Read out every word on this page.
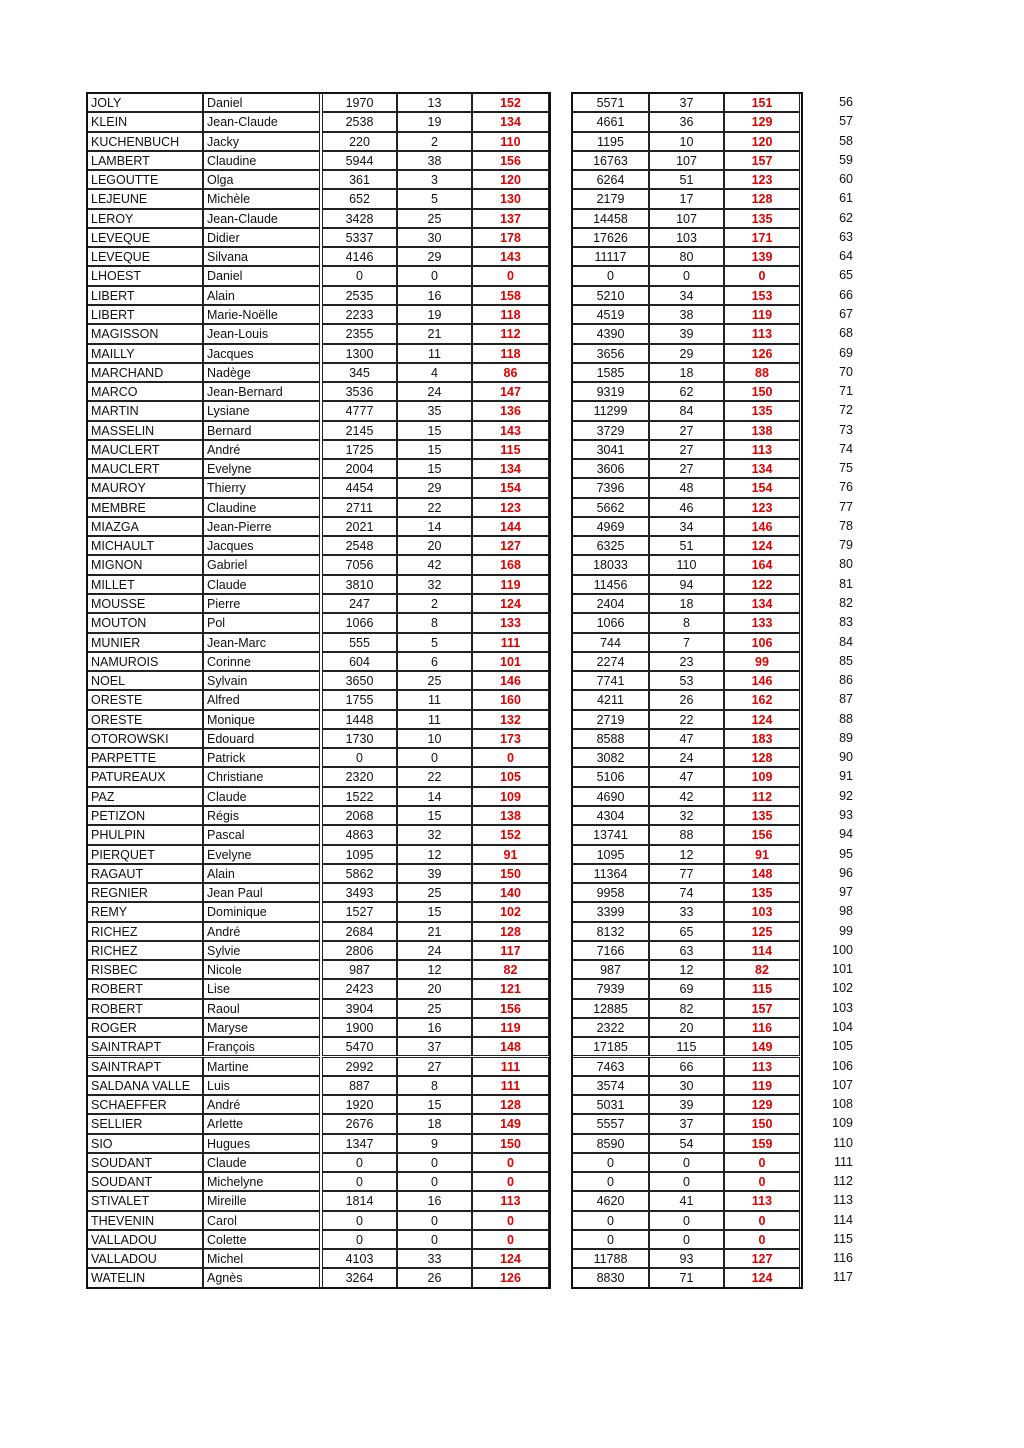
JOLY	Daniel	1970	13	152	5571	37	151	56
KLEIN	Jean-Claude	2538	19	134	4661	36	129	57
KUCHENBUCH	Jacky	220	2	110	1195	10	120	58
LAMBERT	Claudine	5944	38	156	16763	107	157	59
LEGOUTTE	Olga	361	3	120	6264	51	123	60
LEJEUNE	Michèle	652	5	130	2179	17	128	61
LEROY	Jean-Claude	3428	25	137	14458	107	135	62
LEVEQUE	Didier	5337	30	178	17626	103	171	63
LEVEQUE	Silvana	4146	29	143	11117	80	139	64
LHOEST	Daniel	0	0	0	0	0	0	65
LIBERT	Alain	2535	16	158	5210	34	153	66
LIBERT	Marie-Noëlle	2233	19	118	4519	38	119	67
MAGISSON	Jean-Louis	2355	21	112	4390	39	113	68
MAILLY	Jacques	1300	11	118	3656	29	126	69
MARCHAND	Nadège	345	4	86	1585	18	88	70
MARCO	Jean-Bernard	3536	24	147	9319	62	150	71
MARTIN	Lysiane	4777	35	136	11299	84	135	72
MASSELIN	Bernard	2145	15	143	3729	27	138	73
MAUCLERT	André	1725	15	115	3041	27	113	74
MAUCLERT	Evelyne	2004	15	134	3606	27	134	75
MAUROY	Thierry	4454	29	154	7396	48	154	76
MEMBRE	Claudine	2711	22	123	5662	46	123	77
MIAZGA	Jean-Pierre	2021	14	144	4969	34	146	78
MICHAULT	Jacques	2548	20	127	6325	51	124	79
MIGNON	Gabriel	7056	42	168	18033	110	164	80
MILLET	Claude	3810	32	119	11456	94	122	81
MOUSSE	Pierre	247	2	124	2404	18	134	82
MOUTON	Pol	1066	8	133	1066	8	133	83
MUNIER	Jean-Marc	555	5	111	744	7	106	84
NAMUROIS	Corinne	604	6	101	2274	23	99	85
NOEL	Sylvain	3650	25	146	7741	53	146	86
ORESTE	Alfred	1755	11	160	4211	26	162	87
ORESTE	Monique	1448	11	132	2719	22	124	88
OTOROWSKI	Edouard	1730	10	173	8588	47	183	89
PARPETTE	Patrick	0	0	0	3082	24	128	90
PATUREAUX	Christiane	2320	22	105	5106	47	109	91
PAZ	Claude	1522	14	109	4690	42	112	92
PETIZON	Régis	2068	15	138	4304	32	135	93
PHULPIN	Pascal	4863	32	152	13741	88	156	94
PIERQUET	Evelyne	1095	12	91	1095	12	91	95
RAGAUT	Alain	5862	39	150	11364	77	148	96
REGNIER	Jean Paul	3493	25	140	9958	74	135	97
REMY	Dominique	1527	15	102	3399	33	103	98
RICHEZ	André	2684	21	128	8132	65	125	99
RICHEZ	Sylvie	2806	24	117	7166	63	114	100
RISBEC	Nicole	987	12	82	987	12	82	101
ROBERT	Lise	2423	20	121	7939	69	115	102
ROBERT	Raoul	3904	25	156	12885	82	157	103
ROGER	Maryse	1900	16	119	2322	20	116	104
SAINTRAPT	François	5470	37	148	17185	115	149	105
SAINTRAPT	Martine	2992	27	111	7463	66	113	106
SALDANA VALLE	Luis	887	8	111	3574	30	119	107
SCHAEFFER	André	1920	15	128	5031	39	129	108
SELLIER	Arlette	2676	18	149	5557	37	150	109
SIO	Hugues	1347	9	150	8590	54	159	110
SOUDANT	Claude	0	0	0	0	0	0	111
SOUDANT	Michelyne	0	0	0	0	0	0	112
STIVALET	Mireille	1814	16	113	4620	41	113	113
THEVENIN	Carol	0	0	0	0	0	0	114
VALLADOU	Colette	0	0	0	0	0	0	115
VALLADOU	Michel	4103	33	124	11788	93	127	116
WATELIN	Agnès	3264	26	126	8830	71	124	117
